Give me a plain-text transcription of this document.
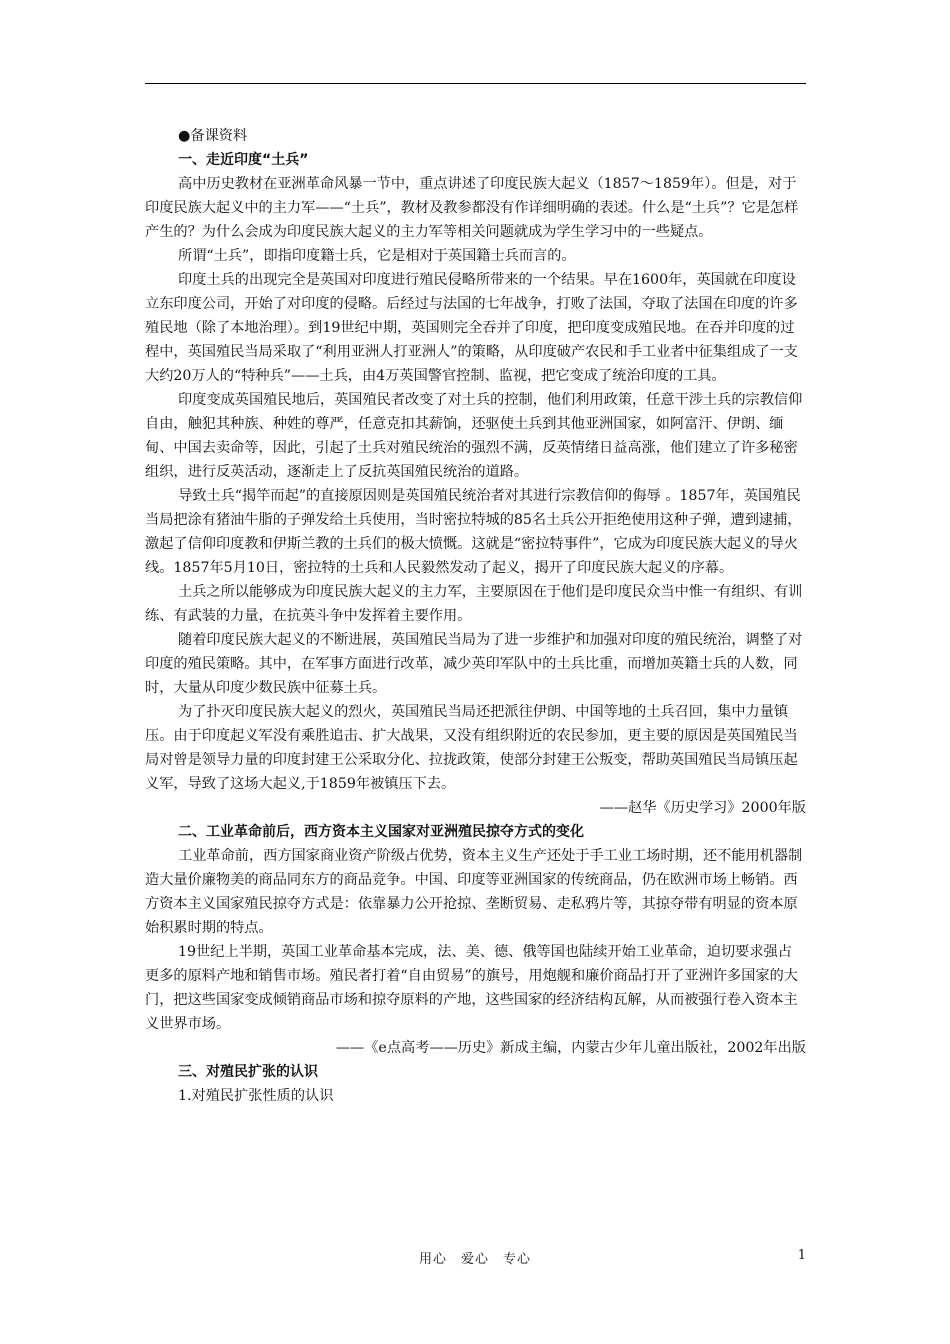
●备课资料

一、走近印度“土兵”

高中历史教材在亚洲革命风暴一节中，重点讲述了印度民族大起义（1857～1859年）。但是，对于印度民族大起义中的主力军——“土兵”，教材及教参都没有作详细明确的表述。什么是“土兵”？它是怎样产生的？为什么会成为印度民族大起义的主力军等相关问题就成为学生学习中的一些疑点。

所谓“土兵”，即指印度籍士兵，它是相对于英国籍士兵而言的。

印度土兵的出现完全是英国对印度进行殖民侵略所带来的一个结果。早在1600年，英国就在印度设立东印度公司，开始了对印度的侵略。后经过与法国的七年战争，打败了法国，夺取了法国在印度的许多殖民地（除了本地治理）。到19世纪中期，英国则完全吞并了印度，把印度变成殖民地。在吞并印度的过程中，英国殖民当局采取了“利用亚洲人打亚洲人”的策略，从印度破产农民和手工业者中征集组成了一支大约20万人的“特种兵”——土兵，由4万英国警官控制、监视，把它变成了统治印度的工具。

印度变成英国殖民地后，英国殖民者改变了对土兵的控制，他们利用政策，任意干涉土兵的宗教信仰自由，触犯其种族、种姓的尊严，任意克扣其薪饷，还驱使土兵到其他亚洲国家，如阿富汗、伊朗、缅甸、中国去卖命等，因此，引起了土兵对殖民统治的强烈不满，反英情绪日益高涨，他们建立了许多秘密组织，进行反英活动，逐渐走上了反抗英国殖民统治的道路。

导致土兵“揭竿而起”的直接原因则是英国殖民统治者对其进行宗教信仰的侮辱 。1857年，英国殖民当局把涂有猪油牛脂的子弹发给土兵使用，当时密拉特城的85名土兵公开拒绝使用这种子弹，遭到逮捕，激起了信仰印度教和伊斯兰教的土兵们的极大愤慨。这就是“密拉特事件”，它成为印度民族大起义的导火线。1857年5月10日，密拉特的土兵和人民毅然发动了起义，揭开了印度民族大起义的序幕。

土兵之所以能够成为印度民族大起义的主力军，主要原因在于他们是印度民众当中惟一有组织、有训练、有武装的力量，在抗英斗争中发挥着主要作用。

随着印度民族大起义的不断进展，英国殖民当局为了进一步维护和加强对印度的殖民统治，调整了对印度的殖民策略。其中，在军事方面进行改革，减少英印军队中的土兵比重，而增加英籍士兵的人数，同时，大量从印度少数民族中征募土兵。

为了扑灭印度民族大起义的烈火，英国殖民当局还把派往伊朗、中国等地的土兵召回，集中力量镇压。由于印度起义军没有乘胜追击、扩大战果，又没有组织附近的农民参加，更主要的原因是英国殖民当局对曾是领导力量的印度封建王公采取分化、拉拢政策，使部分封建王公叛变，帮助英国殖民当局镇压起义军，导致了这场大起义,于1859年被镇压下去。

——赵华《历史学习》2000年版

二、工业革命前后，西方资本主义国家对亚洲殖民掠夺方式的变化

工业革命前，西方国家商业资产阶级占优势，资本主义生产还处于手工业工场时期，还不能用机器制造大量价廉物美的商品同东方的商品竞争。中国、印度等亚洲国家的传统商品，仍在欧洲市场上畅销。西方资本主义国家殖民掠夺方式是：依靠暴力公开抢掠、垄断贸易、走私鸦片等，其掠夺带有明显的资本原始积累时期的特点。

19世纪上半期，英国工业革命基本完成，法、美、德、俄等国也陆续开始工业革命，迫切要求强占更多的原料产地和销售市场。殖民者打着“自由贸易”的旗号，用炮舰和廉价商品打开了亚洲许多国家的大门，把这些国家变成倾销商品市场和掠夺原料的产地，这些国家的经济结构瓦解，从而被强行卷入资本主义世界市场。

——《e点高考——历史》新成主编，内蒙古少年儿童出版社，2002年出版

三、对殖民扩张的认识

1.对殖民扩张性质的认识

用心　爱心　专心	1
